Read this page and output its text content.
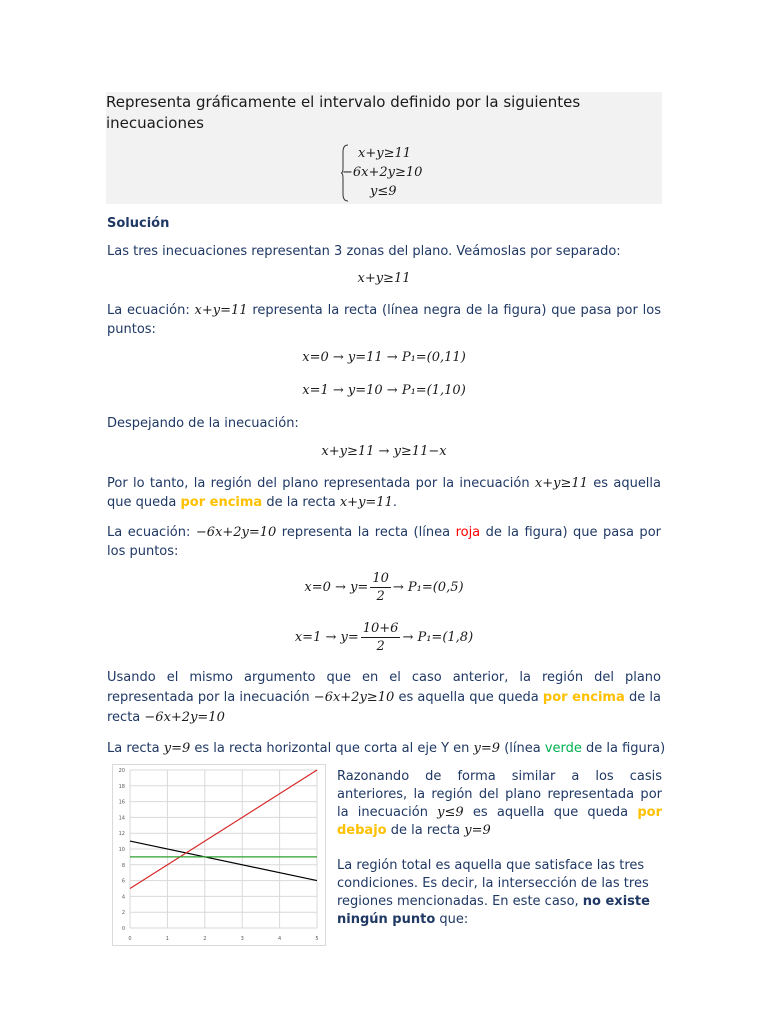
Representa gráficamente el intervalo definido por la siguientes inecuaciones
x+y≥11
−6x+2y≥10
y≤9
Solución
Las tres inecuaciones representan 3 zonas del plano. Veámoslas por separado:
x+y≥11
La ecuación: x+y=11 representa la recta (línea negra de la figura) que pasa por los puntos:
x=0 → y=11 → P₁=(0,11)
x=1 → y=10 → P₁=(1,10)
Despejando de la inecuación:
x+y≥11 → y≥11−x
Por lo tanto, la región del plano representada por la inecuación x+y≥11 es aquella que queda por encima de la recta x+y=11.
La ecuación: −6x+2y=10 representa la recta (línea roja de la figura) que pasa por los puntos:
$x=0 \to y= \frac{10}{2} \to P_1=(0,5)$
$x=1 \to y= \frac{10+6}{2} \to P_1=(1,8)$
Usando el mismo argumento que en el caso anterior, la región del plano representada por la inecuación −6x+2y≥10 es aquella que queda por encima de la recta −6x+2y=10
La recta y=9 es la recta horizontal que corta al eje Y en y=9 (línea verde de la figura)
0
2
4
6
8
10
12
14
16
18
20
0	1	2	3	4	5
Razonando de forma similar a los casis anteriores, la región del plano representada por la inecuación y≤9 es aquella que queda por debajo de la recta y=9
La región total es aquella que satisface las tres condiciones. Es decir, la intersección de las tres regiones mencionadas. En este caso, no existe ningún punto que:
